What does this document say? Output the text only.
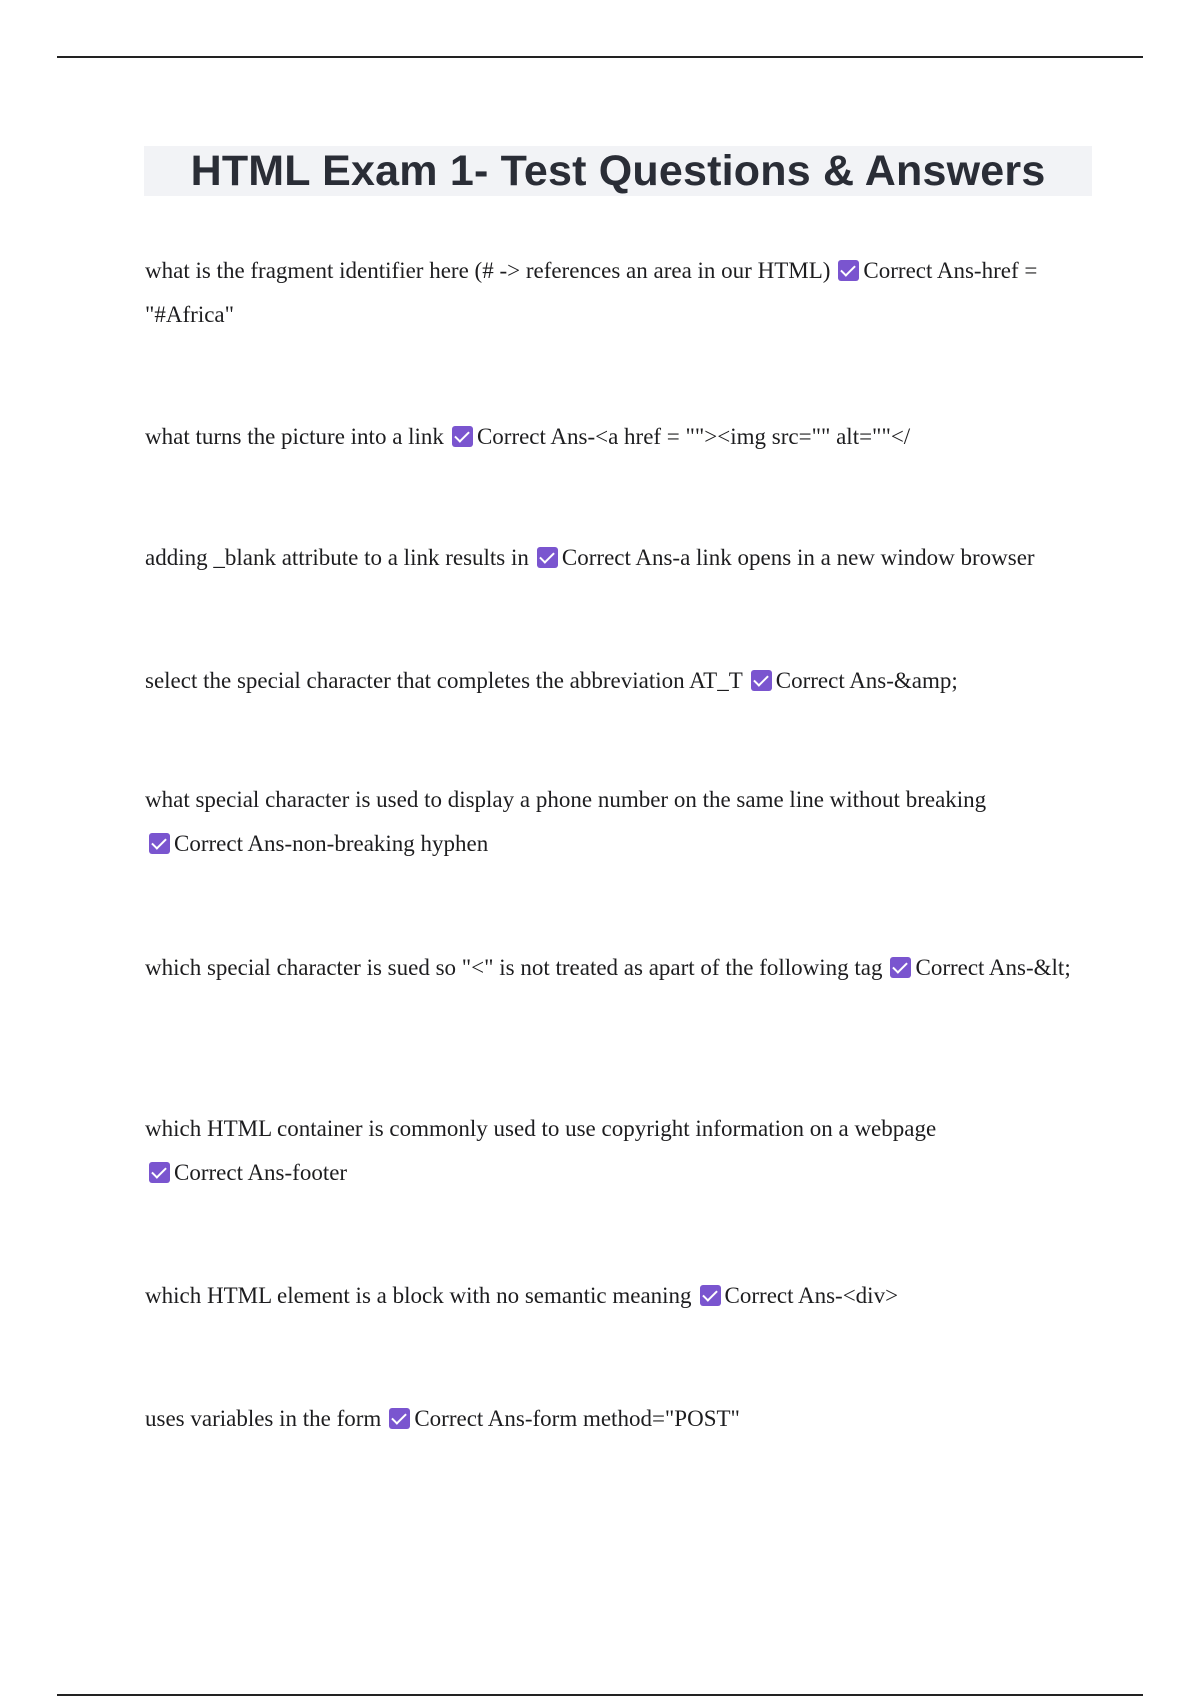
HTML Exam 1- Test Questions & Answers
what is the fragment identifier here (# -> references an area in our HTML) Correct Ans-href = "#Africa"
what turns the picture into a link Correct Ans-<a href = ""><img src="" alt=""</
adding _blank attribute to a link results in Correct Ans-a link opens in a new window browser
select the special character that completes the abbreviation AT_T Correct Ans-&amp;
what special character is used to display a phone number on the same line without breaking
Correct Ans-non-breaking hyphen
which special character is sued so "<" is not treated as apart of the following tag Correct Ans-&lt;
which HTML container is commonly used to use copyright information on a webpage
Correct Ans-footer
which HTML element is a block with no semantic meaning Correct Ans-<div>
uses variables in the form Correct Ans-form method="POST"
